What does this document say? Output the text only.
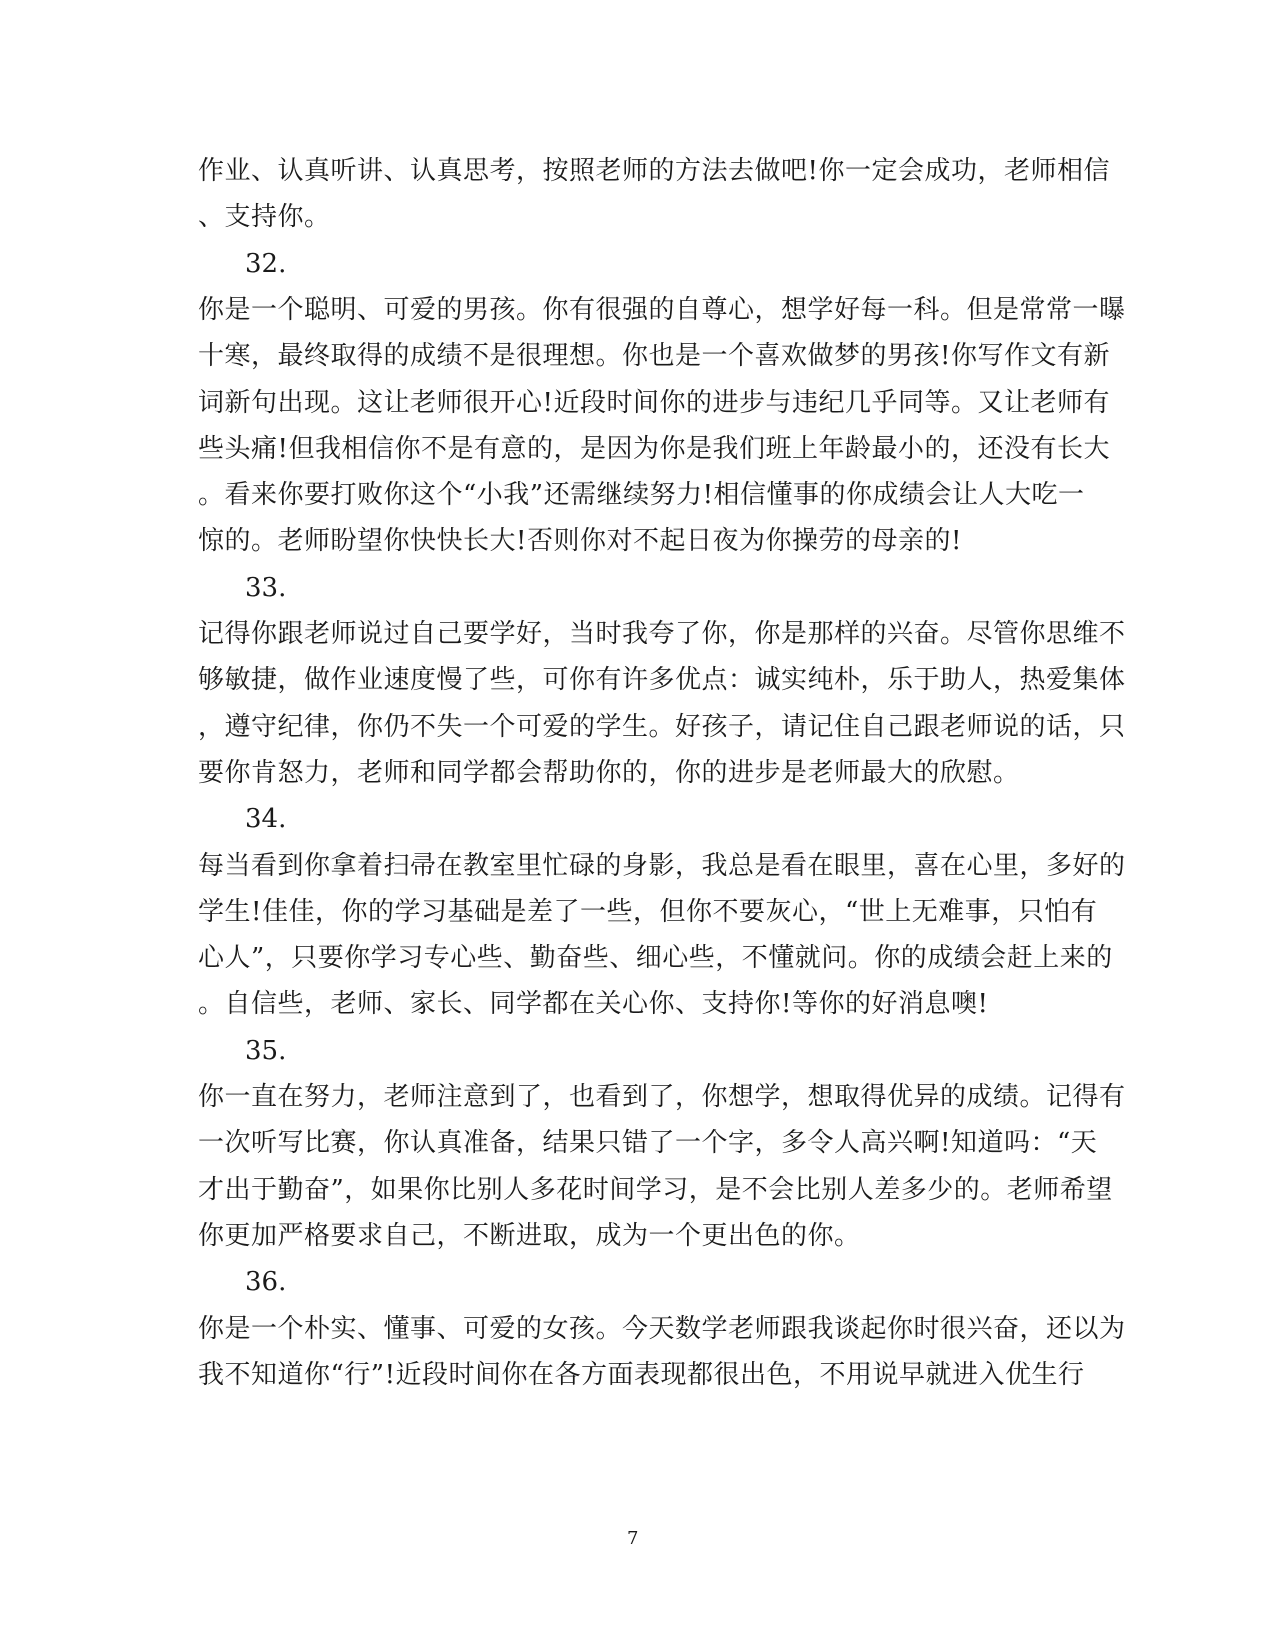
作业、认真听讲、认真思考，按照老师的方法去做吧!你一定会成功，老师相信
、支持你。
32.
你是一个聪明、可爱的男孩。你有很强的自尊心，想学好每一科。但是常常一曝
十寒，最终取得的成绩不是很理想。你也是一个喜欢做梦的男孩!你写作文有新
词新句出现。这让老师很开心!近段时间你的进步与违纪几乎同等。又让老师有
些头痛!但我相信你不是有意的，是因为你是我们班上年龄最小的，还没有长大
。看来你要打败你这个“小我”还需继续努力!相信懂事的你成绩会让人大吃一
惊的。老师盼望你快快长大!否则你对不起日夜为你操劳的母亲的!
33.
记得你跟老师说过自己要学好，当时我夸了你，你是那样的兴奋。尽管你思维不
够敏捷，做作业速度慢了些，可你有许多优点：诚实纯朴，乐于助人，热爱集体
，遵守纪律，你仍不失一个可爱的学生。好孩子，请记住自己跟老师说的话，只
要你肯怒力，老师和同学都会帮助你的，你的进步是老师最大的欣慰。
34.
每当看到你拿着扫帚在教室里忙碌的身影，我总是看在眼里，喜在心里，多好的
学生!佳佳，你的学习基础是差了一些，但你不要灰心，“世上无难事，只怕有
心人”，只要你学习专心些、勤奋些、细心些，不懂就问。你的成绩会赶上来的
。自信些，老师、家长、同学都在关心你、支持你!等你的好消息噢!
35.
你一直在努力，老师注意到了，也看到了，你想学，想取得优异的成绩。记得有
一次听写比赛，你认真准备，结果只错了一个字，多令人高兴啊!知道吗：“天
才出于勤奋”，如果你比别人多花时间学习，是不会比别人差多少的。老师希望
你更加严格要求自己，不断进取，成为一个更出色的你。
36.
你是一个朴实、懂事、可爱的女孩。今天数学老师跟我谈起你时很兴奋，还以为
我不知道你“行”!近段时间你在各方面表现都很出色，不用说早就进入优生行
7
